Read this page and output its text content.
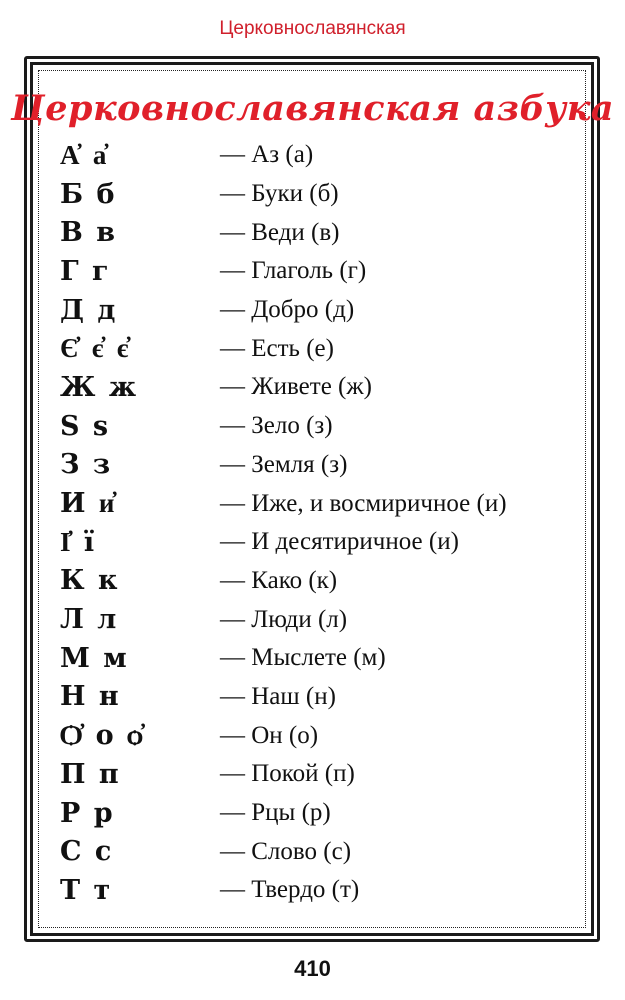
Церковнославянская
Церковнославянская азбука
А҆ а҆	— Аз (а)
Б б	— Буки (б)
В в	— Веди (в)
Г г	— Глаголь (г)
Д д	— Добро (д)
Є҆ є҆ є҆	— Есть (е)
Ж ж	— Живете (ж)
Ѕ ѕ	— Зело (з)
З з	— Земля (з)
И и҆	— Иже, и восмиричное (и)
І҆ ї	— И десятиричное (и)
К к	— Како (к)
Л л	— Люди (л)
М м	— Мыслете (м)
Н н	— Наш (н)
Ѻ҆ о ѻ҆	— Он (о)
П п	— Покой (п)
Р р	— Рцы (р)
С с	— Слово (с)
Т т	— Твердо (т)
410
